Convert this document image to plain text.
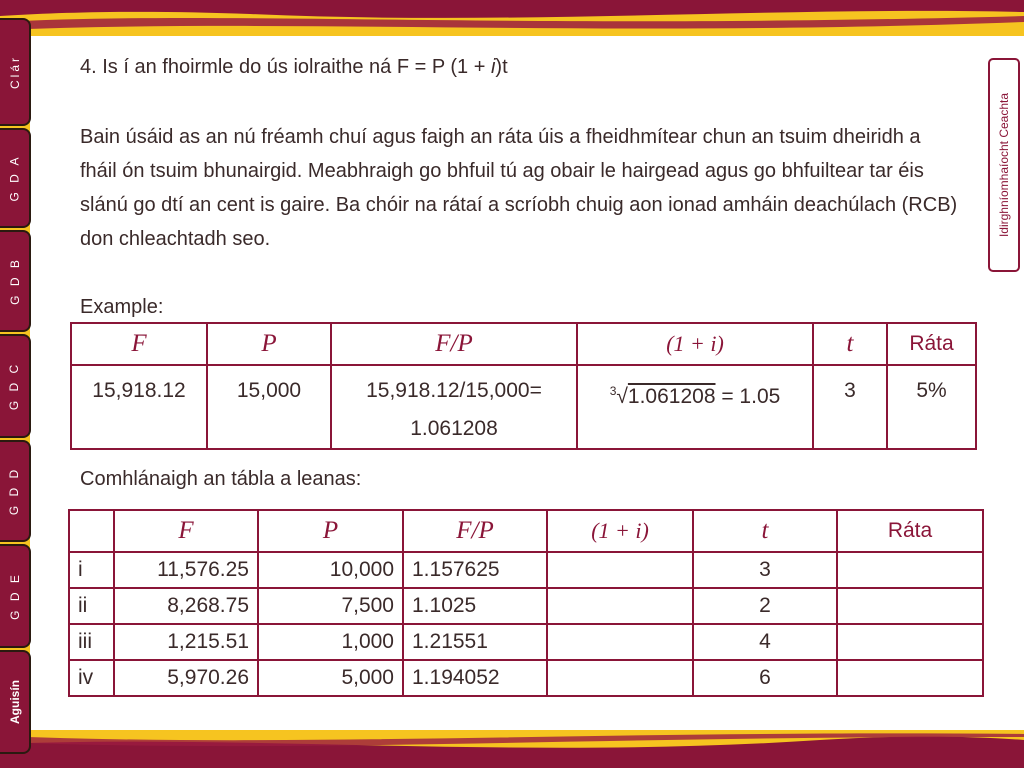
Clár
G D A
G D B
G D C
G D D
G D E
Aguisín
Idirghníomhaíocht Ceachta
4. Is í an fhoirmle do ús iolraithe ná F = P (1 + i)t
Bain úsáid as an nú fréamh chuí agus faigh an ráta úis a fheidhmítear chun an tsuim dheiridh a fháil ón tsuim bhunairgid. Meabhraigh go bhfuil tú ag obair le hairgead agus go bhfuiltear tar éis slánú go dtí an cent is gaire. Ba chóir na rátaí a scríobh chuig aon ionad amháin deachúlach (RCB) don chleachtadh seo.
Example:
F	P	F/P	(1 + i)	t	Ráta
15,918.12	15,000	15,918.12/15,000=
1.061208	$^3$√1.061208 = 1.05	3	5%
Comhlánaigh an tábla a leanas:
	F	P	F/P	(1 + i)	t	Ráta
i	11,576.25	10,000	1.157625		3	
ii	8,268.75	7,500	1.1025		2	
iii	1,215.51	1,000	1.21551		4	
iv	5,970.26	5,000	1.194052		6	
